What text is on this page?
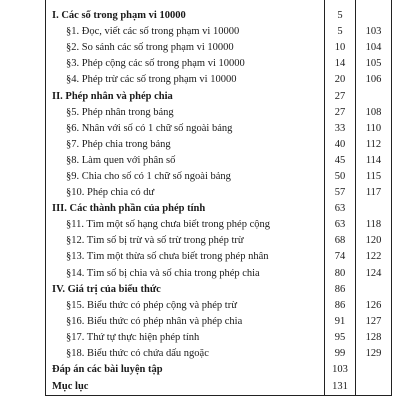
I. Các số trong phạm vi 10000	5	
§1. Đọc, viết các số trong phạm vi 10000	5	103
§2. So sánh các số trong phạm vi 10000	10	104
§3. Phép cộng các số trong phạm vi 10000	14	105
§4. Phép trừ các số trong phạm vi 10000	20	106
II. Phép nhân và phép chia	27	
§5. Phép nhân trong bảng	27	108
§6. Nhân với số có 1 chữ số ngoài bảng	33	110
§7. Phép chia trong bảng	40	112
§8. Làm quen với phân số	45	114
§9. Chia cho số có 1 chữ số ngoài bảng	50	115
§10. Phép chia có dư	57	117
III. Các thành phần của phép tính	63	
§11. Tìm một số hạng chưa biết trong phép cộng	63	118
§12. Tìm số bị trừ và số trừ trong phép trừ	68	120
§13. Tìm một thừa số chưa biết trong phép nhân	74	122
§14. Tìm số bị chia và số chia trong phép chia	80	124
IV. Giá trị của biểu thức	86	
§15. Biểu thức có phép cộng và phép trừ	86	126
§16. Biểu thức có phép nhân và phép chia	91	127
§17. Thứ tự thực hiện phép tính	95	128
§18. Biểu thức có chứa dấu ngoặc	99	129
Đáp án các bài luyện tập	103	
Mục lục	131	
